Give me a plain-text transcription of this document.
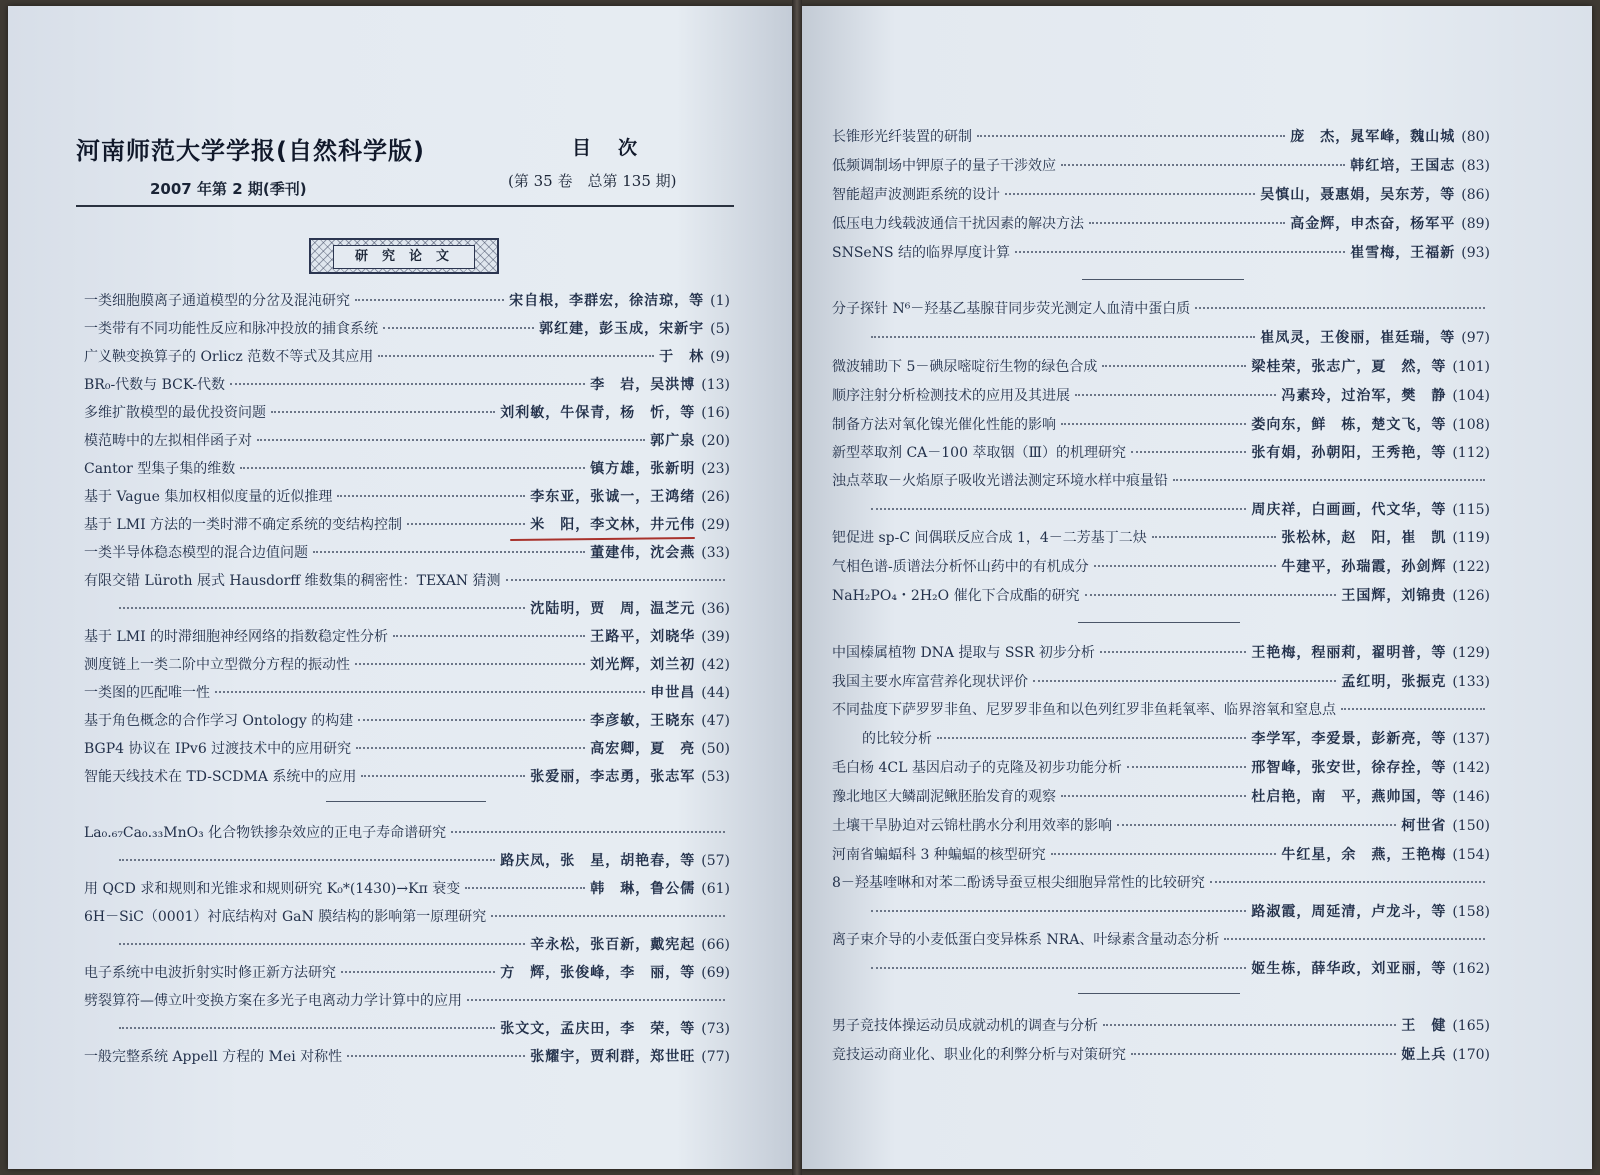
河南师范大学学报(自然科学版)
2007 年第 2 期(季刊)
目　次
(第 35 卷　总第 135 期)
研究论文
一类细胞膜离子通道模型的分岔及混沌研究	宋自根，李群宏，徐洁琼，等 (1)
一类带有不同功能性反应和脉冲投放的捕食系统	郭红建，彭玉成，宋新宇 (5)
广义鞅变换算子的 Orlicz 范数不等式及其应用	于　林 (9)
BR₀-代数与 BCK-代数	李　岩，吴洪博 (13)
多维扩散模型的最优投资问题	刘利敏，牛保青，杨　忻，等 (16)
模范畴中的左拟相伴函子对	郭广泉 (20)
Cantor 型集子集的维数	镇方雄，张新明 (23)
基于 Vague 集加权相似度量的近似推理	李东亚，张诚一，王鸿绪 (26)
基于 LMI 方法的一类时滞不确定系统的变结构控制	米　阳，李文林，井元伟 (29)
一类半导体稳态模型的混合边值问题	董建伟，沈会燕 (33)
有限交错 Lüroth 展式 Hausdorff 维数集的稠密性：TEXAN 猜测
沈陆明，贾　周，温芝元 (36)
基于 LMI 的时滞细胞神经网络的指数稳定性分析	王路平，刘晓华 (39)
测度链上一类二阶中立型微分方程的振动性	刘光辉，刘兰初 (42)
一类图的匹配唯一性	申世昌 (44)
基于角色概念的合作学习 Ontology 的构建	李彦敏，王晓东 (47)
BGP4 协议在 IPv6 过渡技术中的应用研究	高宏卿，夏　亮 (50)
智能天线技术在 TD-SCDMA 系统中的应用	张爱丽，李志勇，张志军 (53)
La₀.₆₇Ca₀.₃₃MnO₃ 化合物铁掺杂效应的正电子寿命谱研究
路庆凤，张　星，胡艳春，等 (57)
用 QCD 求和规则和光锥求和规则研究 K₀*(1430)→Kπ 衰变	韩　琳，鲁公儒 (61)
6H－SiC（0001）衬底结构对 GaN 膜结构的影响第一原理研究
辛永松，张百新，戴宪起 (66)
电子系统中电波折射实时修正新方法研究	方　辉，张俊峰，李　丽，等 (69)
劈裂算符—傅立叶变换方案在多光子电离动力学计算中的应用
张文文，孟庆田，李　荣，等 (73)
一般完整系统 Appell 方程的 Mei 对称性	张耀宇，贾利群，郑世旺 (77)
长锥形光纤装置的研制	庞　杰，晁军峰，魏山城 (80)
低频调制场中钾原子的量子干涉效应	韩红培，王国志 (83)
智能超声波测距系统的设计	吴慎山，聂惠娟，吴东芳，等 (86)
低压电力线载波通信干扰因素的解决方法	高金辉，申杰奋，杨军平 (89)
SNSeNS 结的临界厚度计算	崔雪梅，王福新 (93)
分子探针 N⁶－羟基乙基腺苷同步荧光测定人血清中蛋白质
崔凤灵，王俊丽，崔廷瑞，等 (97)
微波辅助下 5－碘尿嘧啶衍生物的绿色合成	梁桂荣，张志广，夏　然，等 (101)
顺序注射分析检测技术的应用及其进展	冯素玲，过治军，樊　静 (104)
制备方法对氧化镍光催化性能的影响	娄向东，鲜　栋，楚文飞，等 (108)
新型萃取剂 CA－100 萃取铟（Ⅲ）的机理研究	张有娟，孙朝阳，王秀艳，等 (112)
浊点萃取－火焰原子吸收光谱法测定环境水样中痕量铅
周庆祥，白画画，代文华，等 (115)
钯促进 sp-C 间偶联反应合成 1，4－二芳基丁二炔	张松林，赵　阳，崔　凯 (119)
气相色谱-质谱法分析怀山药中的有机成分	牛建平，孙瑞霞，孙剑辉 (122)
NaH₂PO₄・2H₂O 催化下合成酯的研究	王国辉，刘锦贵 (126)
中国榛属植物 DNA 提取与 SSR 初步分析	王艳梅，程丽莉，翟明普，等 (129)
我国主要水库富营养化现状评价	孟红明，张振克 (133)
不同盐度下萨罗罗非鱼、尼罗罗非鱼和以色列红罗非鱼耗氧率、临界溶氧和窒息点
的比较分析	李学军，李爱景，彭新亮，等 (137)
毛白杨 4CL 基因启动子的克隆及初步功能分析	邢智峰，张安世，徐存拴，等 (142)
豫北地区大鳞副泥鳅胚胎发育的观察	杜启艳，南　平，燕帅国，等 (146)
土壤干旱胁迫对云锦杜鹃水分利用效率的影响	柯世省 (150)
河南省蝙蝠科 3 种蝙蝠的核型研究	牛红星，余　燕，王艳梅 (154)
8－羟基喹啉和对苯二酚诱导蚕豆根尖细胞异常性的比较研究
路淑霞，周延清，卢龙斗，等 (158)
离子束介导的小麦低蛋白变异株系 NRA、叶绿素含量动态分析
姬生栋，薛华政，刘亚丽，等 (162)
男子竞技体操运动员成就动机的调查与分析	王　健 (165)
竞技运动商业化、职业化的利弊分析与对策研究	姬上兵 (170)
